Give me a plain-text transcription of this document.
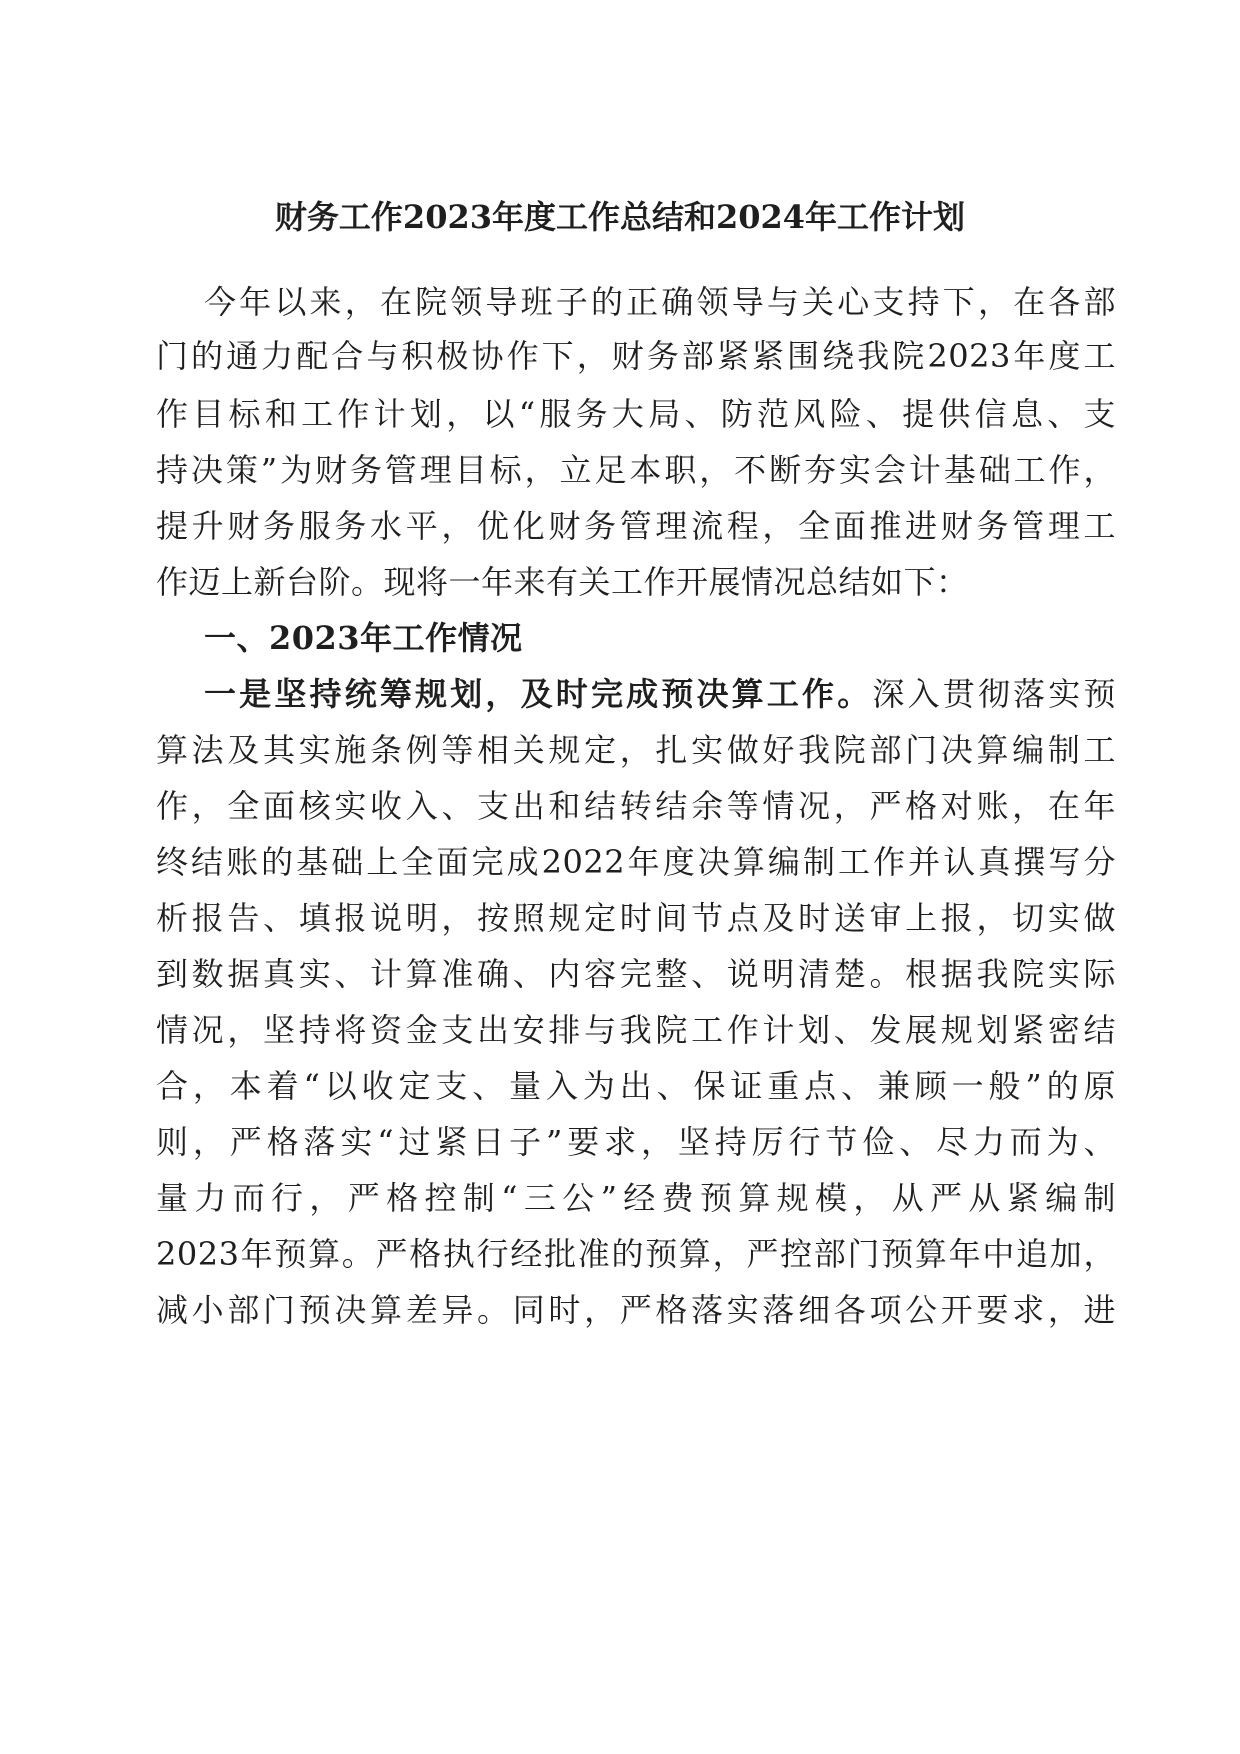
财务工作2023年度工作总结和2024年工作计划
今年以来，在院领导班子的正确领导与关心支持下，在各部
门的通力配合与积极协作下，财务部紧紧围绕我院2023年度工
作目标和工作计划，以“服务大局、防范风险、提供信息、支
持决策”为财务管理目标，立足本职，不断夯实会计基础工作，
提升财务服务水平，优化财务管理流程，全面推进财务管理工
作迈上新台阶。现将一年来有关工作开展情况总结如下：
一、2023年工作情况
一是坚持统筹规划，及时完成预决算工作。深入贯彻落实预
算法及其实施条例等相关规定，扎实做好我院部门决算编制工
作，全面核实收入、支出和结转结余等情况，严格对账，在年
终结账的基础上全面完成2022年度决算编制工作并认真撰写分
析报告、填报说明，按照规定时间节点及时送审上报，切实做
到数据真实、计算准确、内容完整、说明清楚。根据我院实际
情况，坚持将资金支出安排与我院工作计划、发展规划紧密结
合，本着“以收定支、量入为出、保证重点、兼顾一般”的原
则，严格落实“过紧日子”要求，坚持厉行节俭、尽力而为、
量力而行，严格控制“三公”经费预算规模，从严从紧编制
2023年预算。严格执行经批准的预算，严控部门预算年中追加，
减小部门预决算差异。同时，严格落实落细各项公开要求，进
